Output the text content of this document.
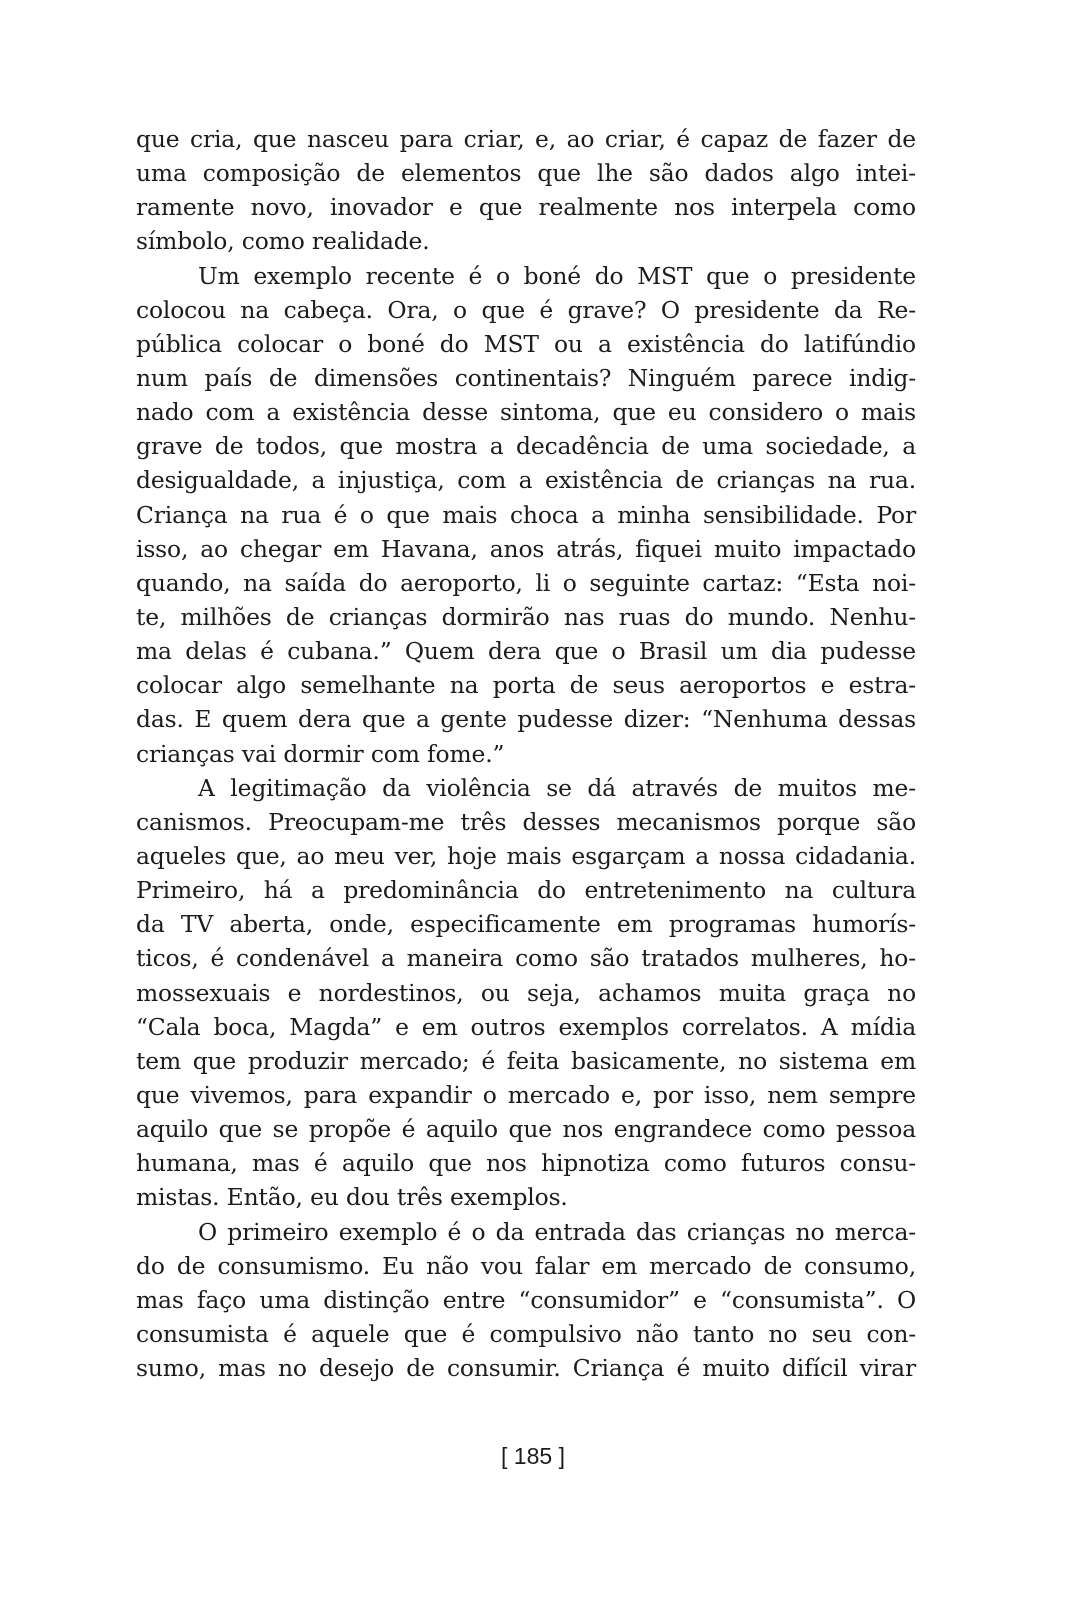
que cria, que nasceu para criar, e, ao criar, é capaz de fazer de
uma composição de elementos que lhe são dados algo intei-
ramente novo, inovador e que realmente nos interpela como
símbolo, como realidade.
Um exemplo recente é o boné do MST que o presidente
colocou na cabeça. Ora, o que é grave? O presidente da Re-
pública colocar o boné do MST ou a existência do latifúndio
num país de dimensões continentais? Ninguém parece indig-
nado com a existência desse sintoma, que eu considero o mais
grave de todos, que mostra a decadência de uma sociedade, a
desigualdade, a injustiça, com a existência de crianças na rua.
Criança na rua é o que mais choca a minha sensibilidade. Por
isso, ao chegar em Havana, anos atrás, fiquei muito impactado
quando, na saída do aeroporto, li o seguinte cartaz: “Esta noi-
te, milhões de crianças dormirão nas ruas do mundo. Nenhu-
ma delas é cubana.” Quem dera que o Brasil um dia pudesse
colocar algo semelhante na porta de seus aeroportos e estra-
das. E quem dera que a gente pudesse dizer: “Nenhuma dessas
crianças vai dormir com fome.”
A legitimação da violência se dá através de muitos me-
canismos. Preocupam-me três desses mecanismos porque são
aqueles que, ao meu ver, hoje mais esgarçam a nossa cidadania.
Primeiro, há a predominância do entretenimento na cultura
da TV aberta, onde, especificamente em programas humorís-
ticos, é condenável a maneira como são tratados mulheres, ho-
mossexuais e nordestinos, ou seja, achamos muita graça no
“Cala boca, Magda” e em outros exemplos correlatos. A mídia
tem que produzir mercado; é feita basicamente, no sistema em
que vivemos, para expandir o mercado e, por isso, nem sempre
aquilo que se propõe é aquilo que nos engrandece como pessoa
humana, mas é aquilo que nos hipnotiza como futuros consu-
mistas. Então, eu dou três exemplos.
O primeiro exemplo é o da entrada das crianças no merca-
do de consumismo. Eu não vou falar em mercado de consumo,
mas faço uma distinção entre “consumidor” e “consumista”. O
consumista é aquele que é compulsivo não tanto no seu con-
sumo, mas no desejo de consumir. Criança é muito difícil virar
[ 185 ]
